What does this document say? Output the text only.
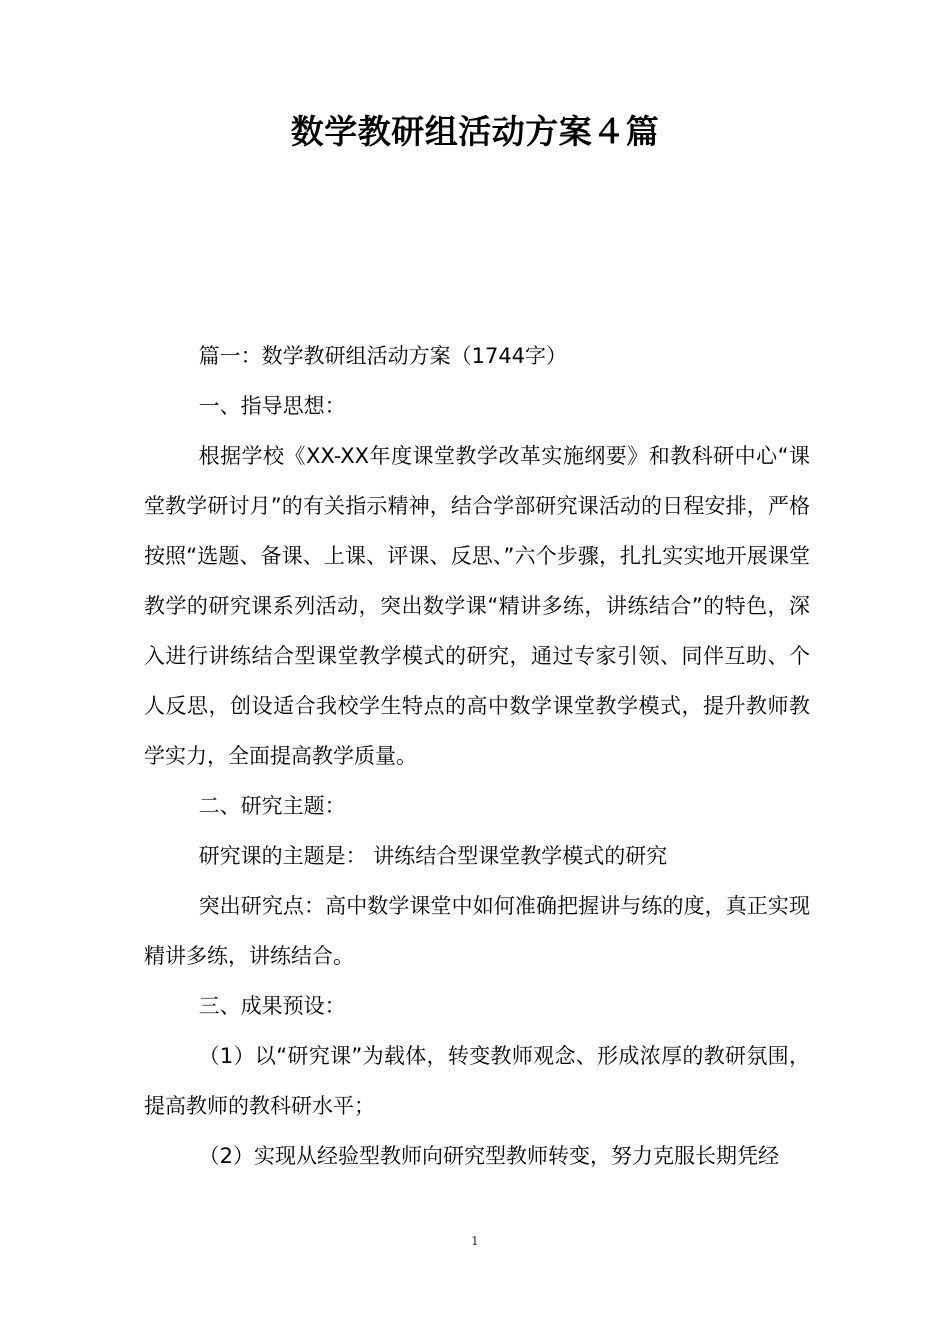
数学教研组活动方案４篇

篇一：数学教研组活动方案（1744字）

一、指导思想：

根据学校《XX-XX年度课堂教学改革实施纲要》和教科研中心“课堂教学研讨月”的有关指示精神，结合学部研究课活动的日程安排，严格按照“选题、备课、上课、评课、反思、”六个步骤，扎扎实实地开展课堂教学的研究课系列活动，突出数学课“精讲多练，讲练结合”的特色，深入进行讲练结合型课堂教学模式的研究，通过专家引领、同伴互助、个人反思，创设适合我校学生特点的高中数学课堂教学模式，提升教师教学实力，全面提高教学质量。

二、研究主题：

研究课的主题是： 讲练结合型课堂教学模式的研究

突出研究点：高中数学课堂中如何准确把握讲与练的度，真正实现精讲多练，讲练结合。

三、成果预设：

（1）以“研究课”为载体，转变教师观念、形成浓厚的教研氛围，提高教师的教科研水平；

（2）实现从经验型教师向研究型教师转变，努力克服长期凭经

1
